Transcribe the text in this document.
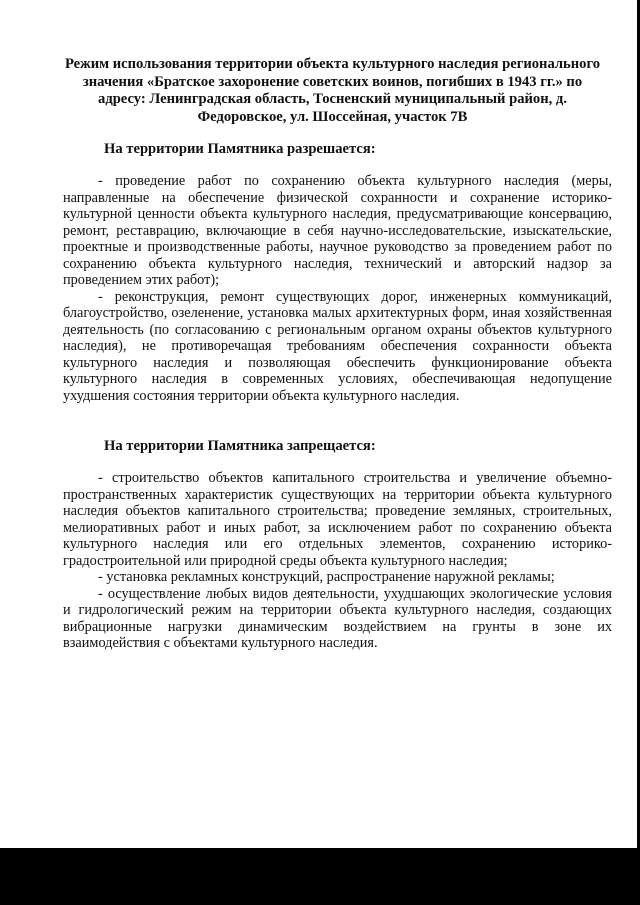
Режим использования территории объекта культурного наследия регионального значения «Братское захоронение советских воинов, погибших в 1943 гг.» по адресу: Ленинградская область, Тосненский муниципальный район, д. Федоровское, ул. Шоссейная, участок 7В
На территории Памятника разрешается:

- проведение работ по сохранению объекта культурного наследия (меры, направленные на обеспечение физической сохранности и сохранение историко-культурной ценности объекта культурного наследия, предусматривающие консервацию, ремонт, реставрацию, включающие в себя научно-исследовательские, изыскательские, проектные и производственные работы, научное руководство за проведением работ по сохранению объекта культурного наследия, технический и авторский надзор за проведением этих работ);

- реконструкция, ремонт существующих дорог, инженерных коммуникаций, благоустройство, озеленение, установка малых архитектурных форм, иная хозяйственная деятельность (по согласованию с региональным органом охраны объектов культурного наследия), не противоречащая требованиям обеспечения сохранности объекта культурного наследия и позволяющая обеспечить функционирование объекта культурного наследия в современных условиях, обеспечивающая недопущение ухудшения состояния территории объекта культурного наследия.

На территории Памятника запрещается:

- строительство объектов капитального строительства и увеличение объемно-пространственных характеристик существующих на территории объекта культурного наследия объектов капитального строительства; проведение земляных, строительных, мелиоративных работ и иных работ, за исключением работ по сохранению объекта культурного наследия или его отдельных элементов, сохранению историко-градостроительной или природной среды объекта культурного наследия;

- установка рекламных конструкций, распространение наружной рекламы;

- осуществление любых видов деятельности, ухудшающих экологические условия и гидрологический режим на территории объекта культурного наследия, создающих вибрационные нагрузки динамическим воздействием на грунты в зоне их взаимодействия с объектами культурного наследия.
